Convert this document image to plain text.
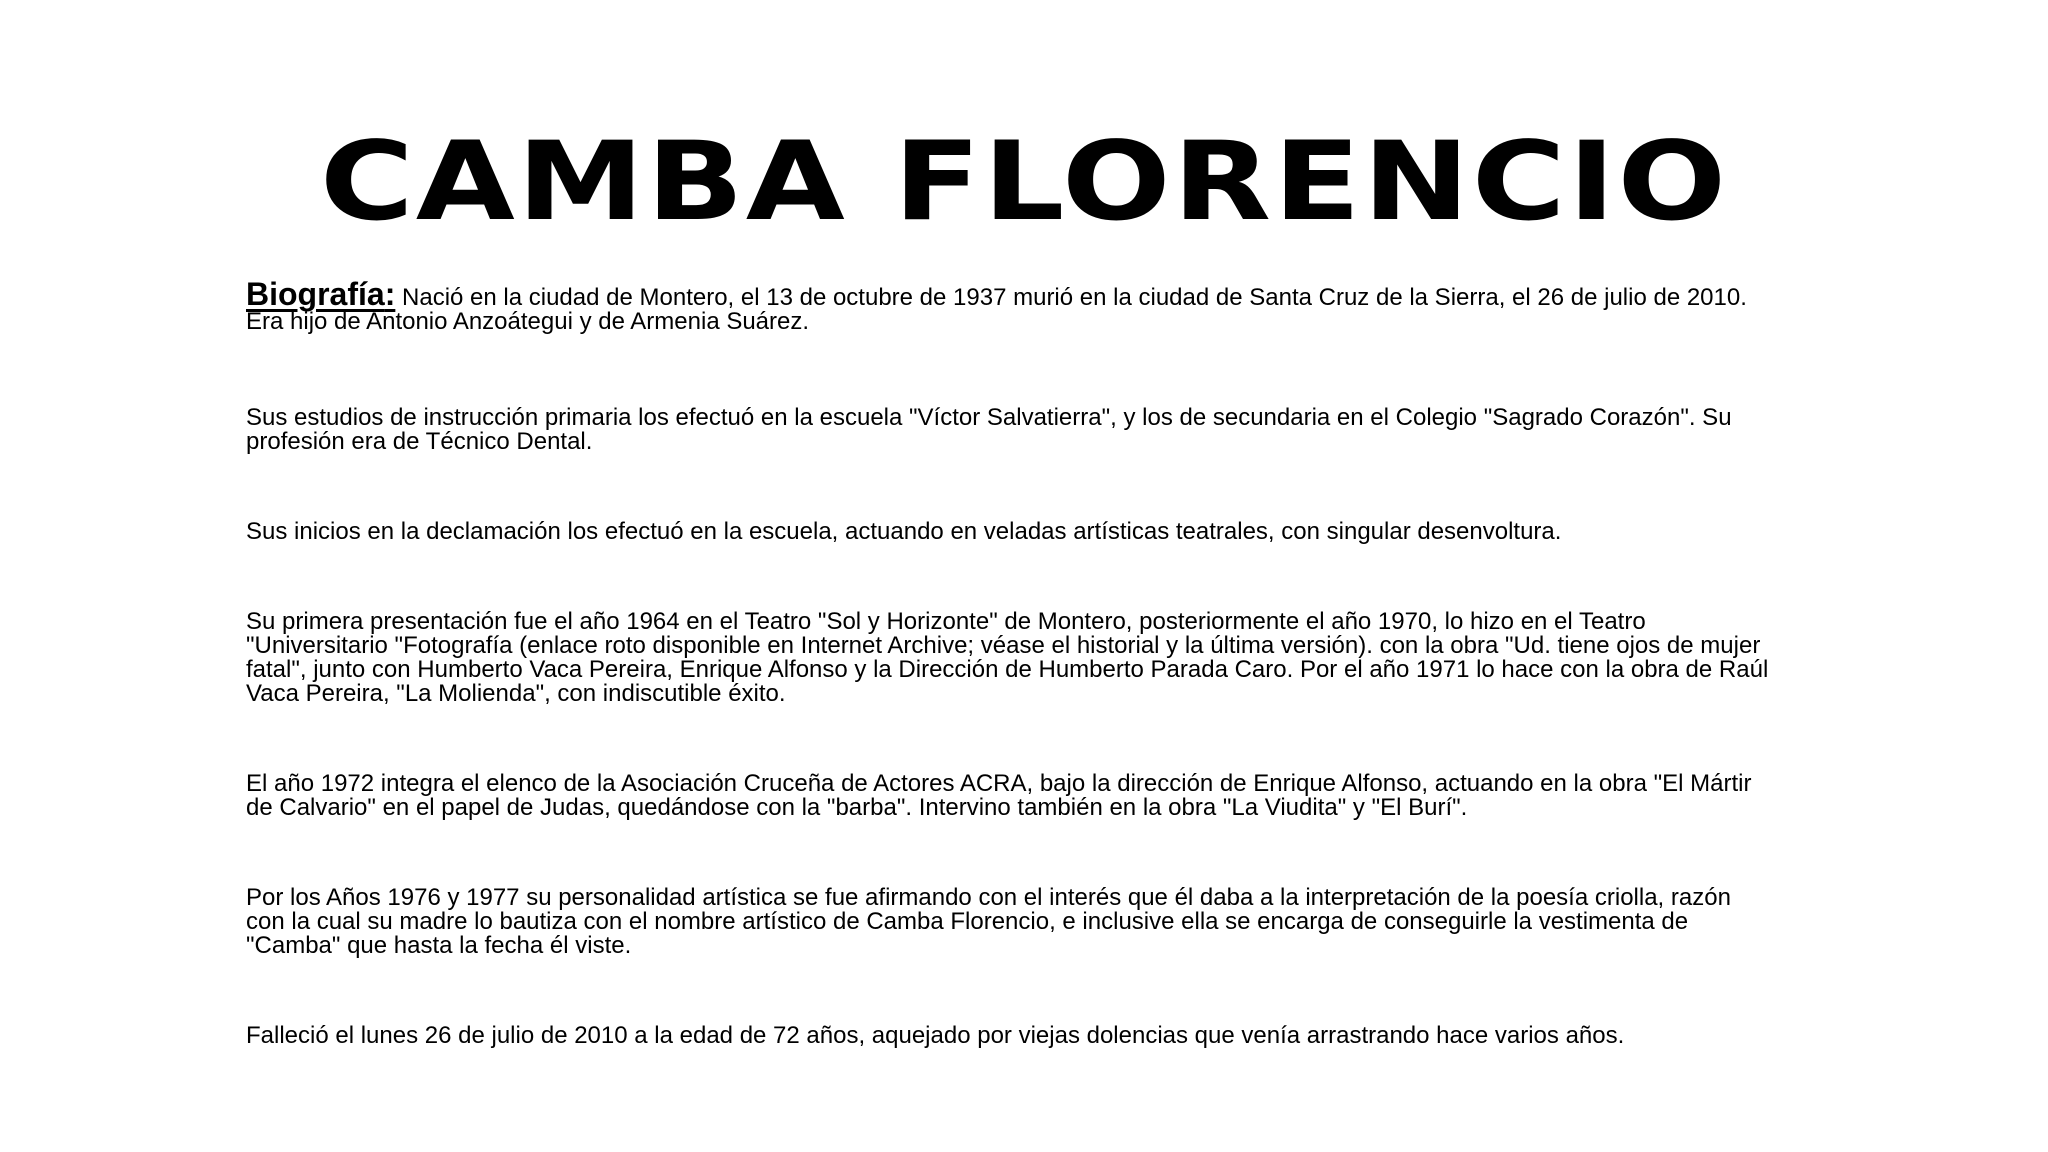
CAMBA FLORENCIO

Biografía: Nació en la ciudad de Montero, el 13 de octubre de 1937 murió en la ciudad de Santa Cruz de la Sierra, el 26 de julio de 2010. Era hijo de Antonio Anzoátegui y de Armenia Suárez.

Sus estudios de instrucción primaria los efectuó en la escuela "Víctor Salvatierra", y los de secundaria en el Colegio "Sagrado Corazón". Su profesión era de Técnico Dental.

Sus inicios en la declamación los efectuó en la escuela, actuando en veladas artísticas teatrales, con singular desenvoltura.

Su primera presentación fue el año 1964 en el Teatro "Sol y Horizonte" de Montero, posteriormente el año 1970, lo hizo en el Teatro "Universitario "Fotografía (enlace roto disponible en Internet Archive; véase el historial y la última versión). con la obra "Ud. tiene ojos de mujer fatal", junto con Humberto Vaca Pereira, Enrique Alfonso y la Dirección de Humberto Parada Caro. Por el año 1971 lo hace con la obra de Raúl Vaca Pereira, "La Molienda", con indiscutible éxito.

El año 1972 integra el elenco de la Asociación Cruceña de Actores ACRA, bajo la dirección de Enrique Alfonso, actuando en la obra "El Mártir de Calvario" en el papel de Judas, quedándose con la "barba". Intervino también en la obra "La Viudita" y "El Burí".

Por los Años 1976 y 1977 su personalidad artística se fue afirmando con el interés que él daba a la interpretación de la poesía criolla, razón con la cual su madre lo bautiza con el nombre artístico de Camba Florencio, e inclusive ella se encarga de conseguirle la vestimenta de "Camba" que hasta la fecha él viste.

Falleció el lunes 26 de julio de 2010 a la edad de 72 años, aquejado por viejas dolencias que venía arrastrando hace varios años.
